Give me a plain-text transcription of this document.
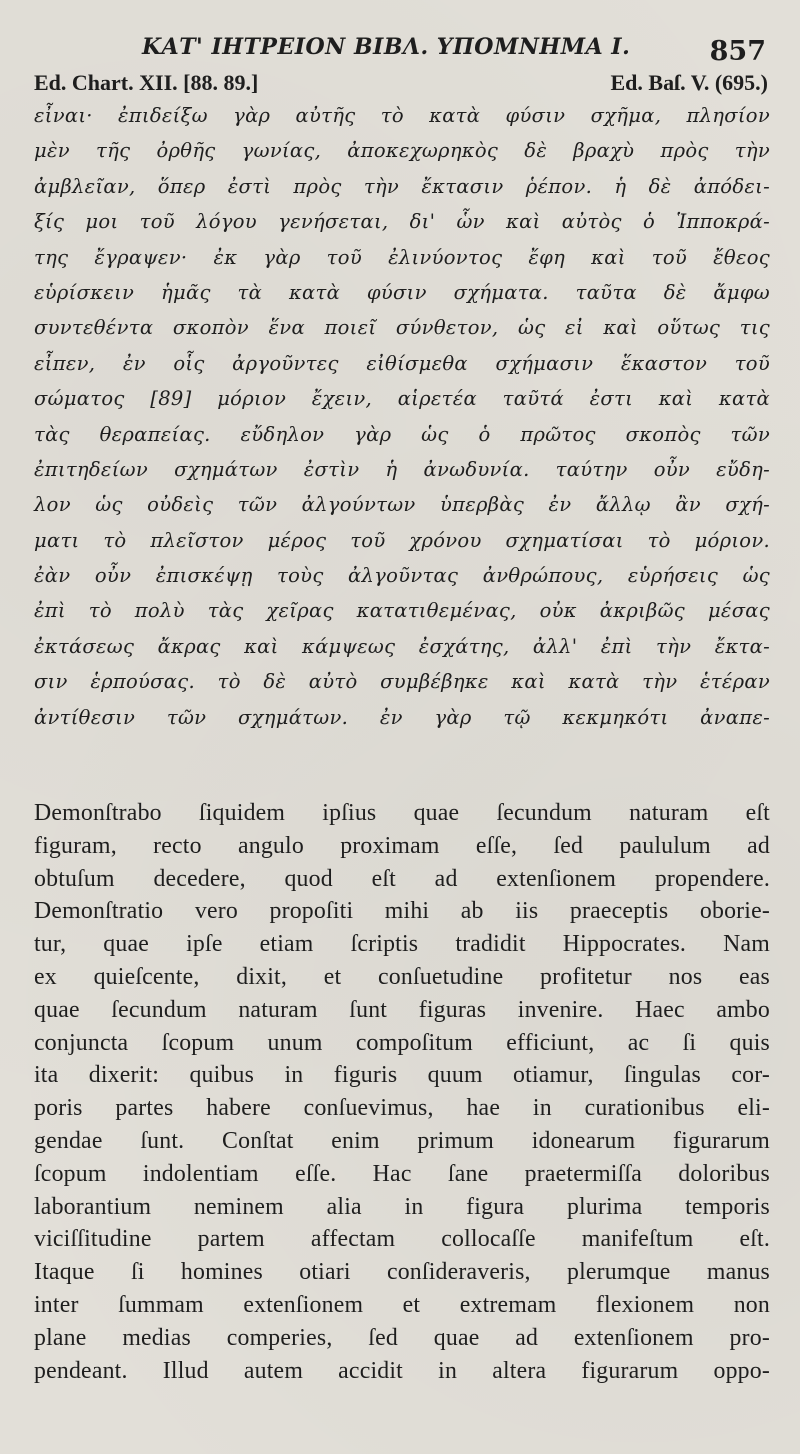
ΚΑΤ' ΙΗΤΡΕΙΟΝ ΒΙΒΛ. ΥΠΟΜΝΗΜΑ Ι.	857
Ed. Chart. XII. [88. 89.]	Ed. Baſ. V. (695.)
εἶναι· ἐπιδείξω γὰρ αὐτῆς τὸ κατὰ φύσιν σχῆμα, πλησίον
μὲν τῆς ὀρθῆς γωνίας, ἀποκεχωρηκὸς δὲ βραχὺ πρὸς τὴν
ἀμβλεῖαν, ὅπερ ἐστὶ πρὸς τὴν ἔκτασιν ῥέπον. ἡ δὲ ἀπόδει-
ξίς μοι τοῦ λόγου γενήσεται, δι' ὧν καὶ αὐτὸς ὁ Ἱπποκρά-
της ἔγραψεν· ἐκ γὰρ τοῦ ἐλινύοντος ἔφη καὶ τοῦ ἔθεος
εὑρίσκειν ἡμᾶς τὰ κατὰ φύσιν σχήματα. ταῦτα δὲ ἄμφω
συντεθέντα σκοπὸν ἕνα ποιεῖ σύνθετον, ὡς εἰ καὶ οὕτως τις
εἶπεν, ἐν οἷς ἀργοῦντες εἰθίσμεθα σχήμασιν ἕκαστον τοῦ
σώματος [89] μόριον ἔχειν, αἱρετέα ταῦτά ἐστι καὶ κατὰ
τὰς θεραπείας. εὔδηλον γὰρ ὡς ὁ πρῶτος σκοπὸς τῶν
ἐπιτηδείων σχημάτων ἐστὶν ἡ ἀνωδυνία. ταύτην οὖν εὔδη-
λον ὡς οὐδεὶς τῶν ἀλγούντων ὑπερβὰς ἐν ἄλλῳ ἂν σχή-
ματι τὸ πλεῖστον μέρος τοῦ χρόνου σχηματίσαι τὸ μόριον.
ἐὰν οὖν ἐπισκέψῃ τοὺς ἀλγοῦντας ἀνθρώπους, εὑρήσεις ὡς
ἐπὶ τὸ πολὺ τὰς χεῖρας κατατιθεμένας, οὐκ ἀκριβῶς μέσας
ἐκτάσεως ἄκρας καὶ κάμψεως ἐσχάτης, ἀλλ' ἐπὶ τὴν ἔκτα-
σιν ἑρπούσας. τὸ δὲ αὐτὸ συμβέβηκε καὶ κατὰ τὴν ἑτέραν
ἀντίθεσιν τῶν σχημάτων. ἐν γὰρ τῷ κεκμηκότι ἀναπε-
Demonſtrabo ſiquidem ipſius quae ſecundum naturam eſt
figuram, recto angulo proximam eſſe, ſed paululum ad
obtuſum decedere, quod eſt ad extenſionem propendere.
Demonſtratio vero propoſiti mihi ab iis praeceptis oborie-
tur, quae ipſe etiam ſcriptis tradidit Hippocrates. Nam
ex quieſcente, dixit, et conſuetudine profitetur nos eas
quae ſecundum naturam ſunt figuras invenire. Haec ambo
conjuncta ſcopum unum compoſitum efficiunt, ac ſi quis
ita dixerit: quibus in figuris quum otiamur, ſingulas cor-
poris partes habere conſuevimus, hae in curationibus eli-
gendae ſunt. Conſtat enim primum idonearum figurarum
ſcopum indolentiam eſſe. Hac ſane praetermiſſa doloribus
laborantium neminem alia in figura plurima temporis
viciſſitudine partem affectam collocaſſe manifeſtum eſt.
Itaque ſi homines otiari conſideraveris, plerumque manus
inter ſummam extenſionem et extremam flexionem non
plane medias comperies, ſed quae ad extenſionem pro-
pendeant. Illud autem accidit in altera figurarum oppo-
